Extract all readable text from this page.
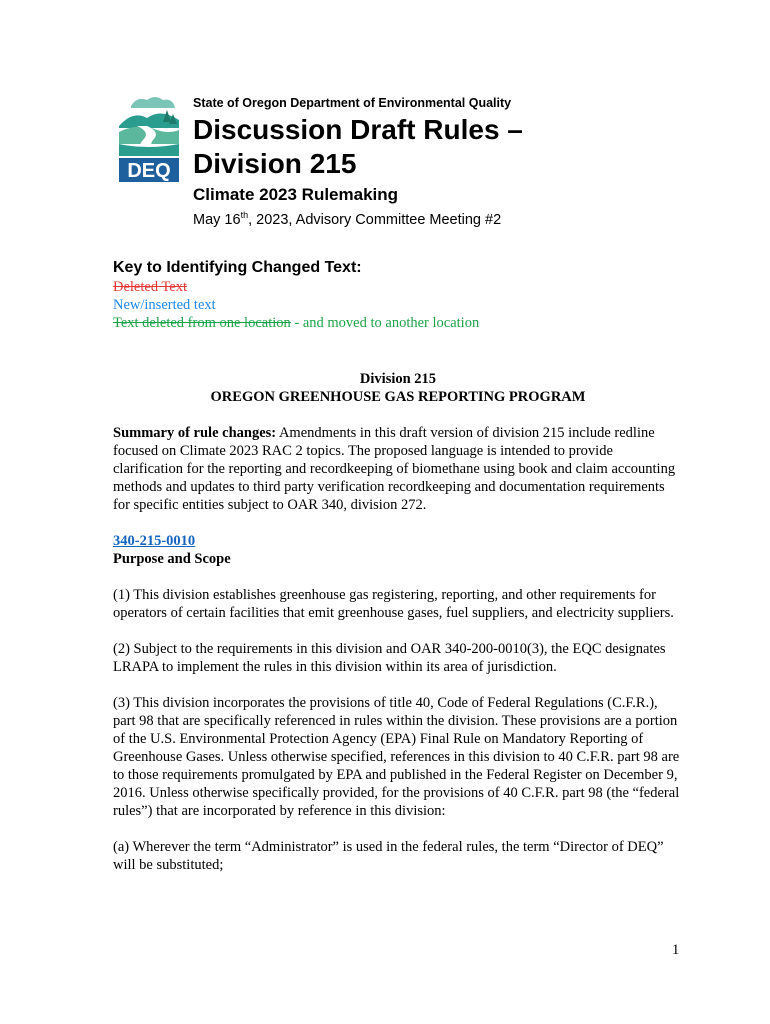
DEQ

State of Oregon Department of Environmental Quality

Discussion Draft Rules –
Division 215

Climate 2023 Rulemaking

May 16th, 2023, Advisory Committee Meeting #2

Key to Identifying Changed Text:

Deleted Text

New/inserted text

Text deleted from one location - and moved to another location

Division 215

OREGON GREENHOUSE GAS REPORTING PROGRAM

Summary of rule changes: Amendments in this draft version of division 215 include redline focused on Climate 2023 RAC 2 topics. The proposed language is intended to provide clarification for the reporting and recordkeeping of biomethane using book and claim accounting methods and updates to third party verification recordkeeping and documentation requirements for specific entities subject to OAR 340, division 272.

340-215-0010

Purpose and Scope

(1) This division establishes greenhouse gas registering, reporting, and other requirements for operators of certain facilities that emit greenhouse gases, fuel suppliers, and electricity suppliers.

(2) Subject to the requirements in this division and OAR 340-200-0010(3), the EQC designates LRAPA to implement the rules in this division within its area of jurisdiction.

(3) This division incorporates the provisions of title 40, Code of Federal Regulations (C.F.R.), part 98 that are specifically referenced in rules within the division. These provisions are a portion of the U.S. Environmental Protection Agency (EPA) Final Rule on Mandatory Reporting of Greenhouse Gases. Unless otherwise specified, references in this division to 40 C.F.R. part 98 are to those requirements promulgated by EPA and published in the Federal Register on December 9, 2016. Unless otherwise specifically provided, for the provisions of 40 C.F.R. part 98 (the “federal rules”) that are incorporated by reference in this division:

(a) Wherever the term “Administrator” is used in the federal rules, the term “Director of DEQ” will be substituted;

1
